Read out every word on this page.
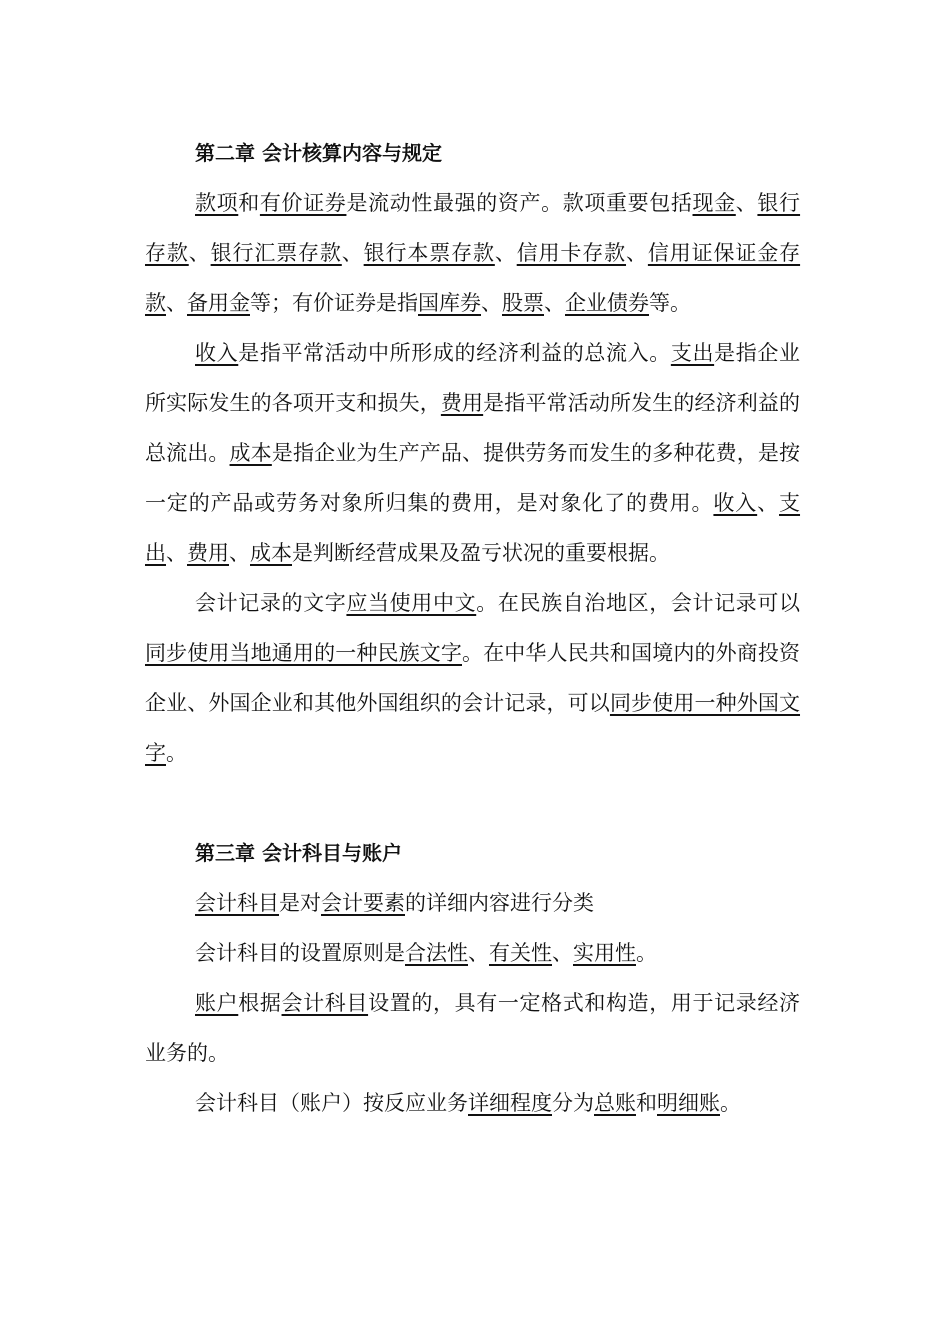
第二章 会计核算内容与规定

款项和有价证券是流动性最强的资产。款项重要包括现金、银行存款、银行汇票存款、银行本票存款、信用卡存款、信用证保证金存款、备用金等；有价证券是指国库券、股票、企业债券等。

收入是指平常活动中所形成的经济利益的总流入。支出是指企业所实际发生的各项开支和损失，费用是指平常活动所发生的经济利益的总流出。成本是指企业为生产产品、提供劳务而发生的多种花费，是按一定的产品或劳务对象所归集的费用，是对象化了的费用。收入、支出、费用、成本是判断经营成果及盈亏状况的重要根据。

会计记录的文字应当使用中文。在民族自治地区，会计记录可以同步使用当地通用的一种民族文字。在中华人民共和国境内的外商投资企业、外国企业和其他外国组织的会计记录，可以同步使用一种外国文字。

第三章 会计科目与账户

会计科目是对会计要素的详细内容进行分类

会计科目的设置原则是合法性、有关性、实用性。

账户根据会计科目设置的，具有一定格式和构造，用于记录经济业务的。

会计科目（账户）按反应业务详细程度分为总账和明细账。
